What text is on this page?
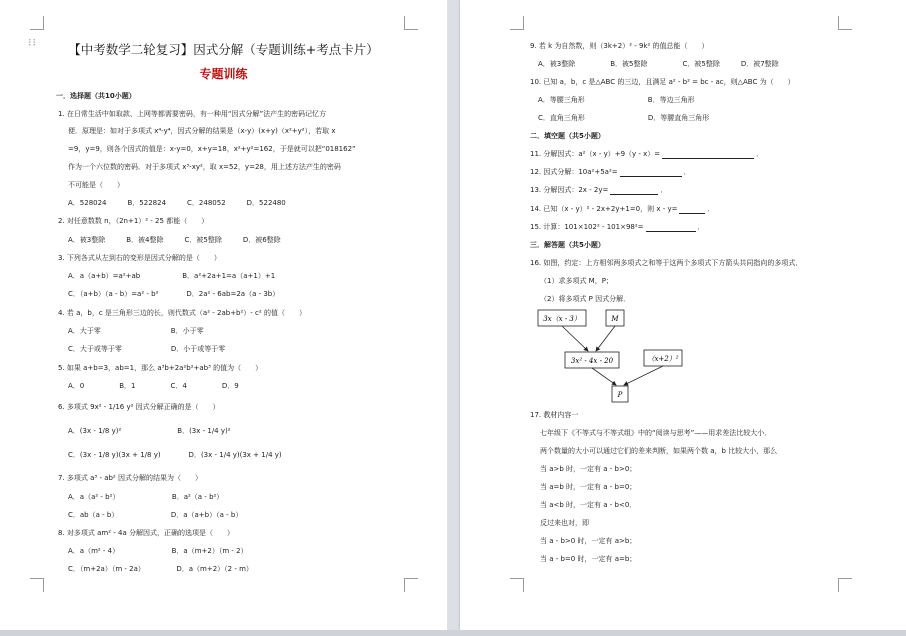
⁝⁝	【中考数学二轮复习】因式分解（专题训练+考点卡片）
专题训练
一．选择题（共10小题）
1. 在日常生活中如取款、上网等都需要密码，有一种用“因式分解”法产生的密码记忆方
便．原理是：如对于多项式 x⁴-y⁴，因式分解的结果是（x-y）(x+y)（x²+y²），若取 x
=9，y=9，则各个因式的值是：x-y=0，x+y=18，x²+y²=162，于是就可以把“018162”
作为一个六位数的密码．对于多项式 x³-xy²，取 x=52，y=28，用上述方法产生的密码
不可能是（　　）
A．528024　　　B．522824　　　C．248052　　　D．522480
2. 对任意数数 n，（2n+1）² - 25 都能（　　）
A．被3整除　　　B．被4整除　　　C．被5整除　　　D．被6整除
3. 下列各式从左到右的变形是因式分解的是（　　）
A．a（a+b）=a²+ab　　　　　　B．a²+2a+1=a（a+1）+1
C．（a+b）（a - b）=a² - b²　　　　D．2a² - 6ab=2a（a - 3b）
4. 若 a，b，c 是三角形三边的长，则代数式（a² - 2ab+b²）- c² 的值（　　）
A．大于零　　　　　　　　　　B．小于零
C．大于或等于零　　　　　　　D．小于或等于零
5. 如果 a+b=3，ab=1，那么 a³b+2a²b²+ab³ 的值为（　　）
A．0　　　　　B．1　　　　　C．4　　　　　D．9
6. 多项式 9x² - 1/16 y² 因式分解正确的是（　　）
A．(3x - 1/8 y)²　　　　　　　　B．(3x - 1/4 y)²
C．(3x - 1/8 y)(3x + 1/8 y)　　　　D．(3x - 1/4 y)(3x + 1/4 y)
7. 多项式 a³ - ab² 因式分解的结果为（　　）
A．a（a² - b²）　　　　　　　　B．a²（a - b²）
C．ab（a - b）　　　　　　　　D．a（a+b）（a - b）
8. 对多项式 am² - 4a 分解因式，正确的选项是（　　）
A．a（m² - 4）　　　　　　　　B．a（m+2）（m - 2）
C．（m+2a）（m - 2a）　　　　　D．a（m+2）（2 - m）
9. 若 k 为自然数，则（3k+2）² - 9k² 的值总能（　　）
A．被3整除　　　　　B．被5整除　　　　　C．被5整除　　　D．被7整除
10. 已知 a，b，c 是△ABC 的三边，且满足 a² - b² = bc - ac，则△ABC 为（　　）
A．等腰三角形　　　　　　　　　B．等边三角形
C．直角三角形　　　　　　　　　D．等腰直角三角形
二．填空题（共5小题）
11. 分解因式：a²（x - y）+9（y - x）=	．
12. 因式分解：10a²+5a²=	．
13. 分解因式：2x - 2y=	．
14. 已知（x - y）² - 2x+2y+1=0，则 x - y=	．
15. 计算：101×102² - 101×98²=	．
三．解答题（共5小题）
16. 如图，约定：上方相邻两多项式之和等于这两个多项式下方箭头共同指向的多项式．
（1）求多项式 M，P；
（2）将多项式 P 因式分解．
17. 教材内容一
七年级下《不等式与不等式组》中的“阅读与思考”——用求差法比较大小．
两个数量的大小可以通过它们的差来判断，如果两个数 a，b 比较大小，那么
当 a>b 时，一定有 a - b>0；
当 a=b 时，一定有 a - b=0；
当 a<b 时，一定有 a - b<0．
反过来也对，即
当 a - b>0 时，一定有 a>b；
当 a - b=0 时，一定有 a=b；
3x（x - 3）	M
3x² - 4x - 20	（x+2）²
P
